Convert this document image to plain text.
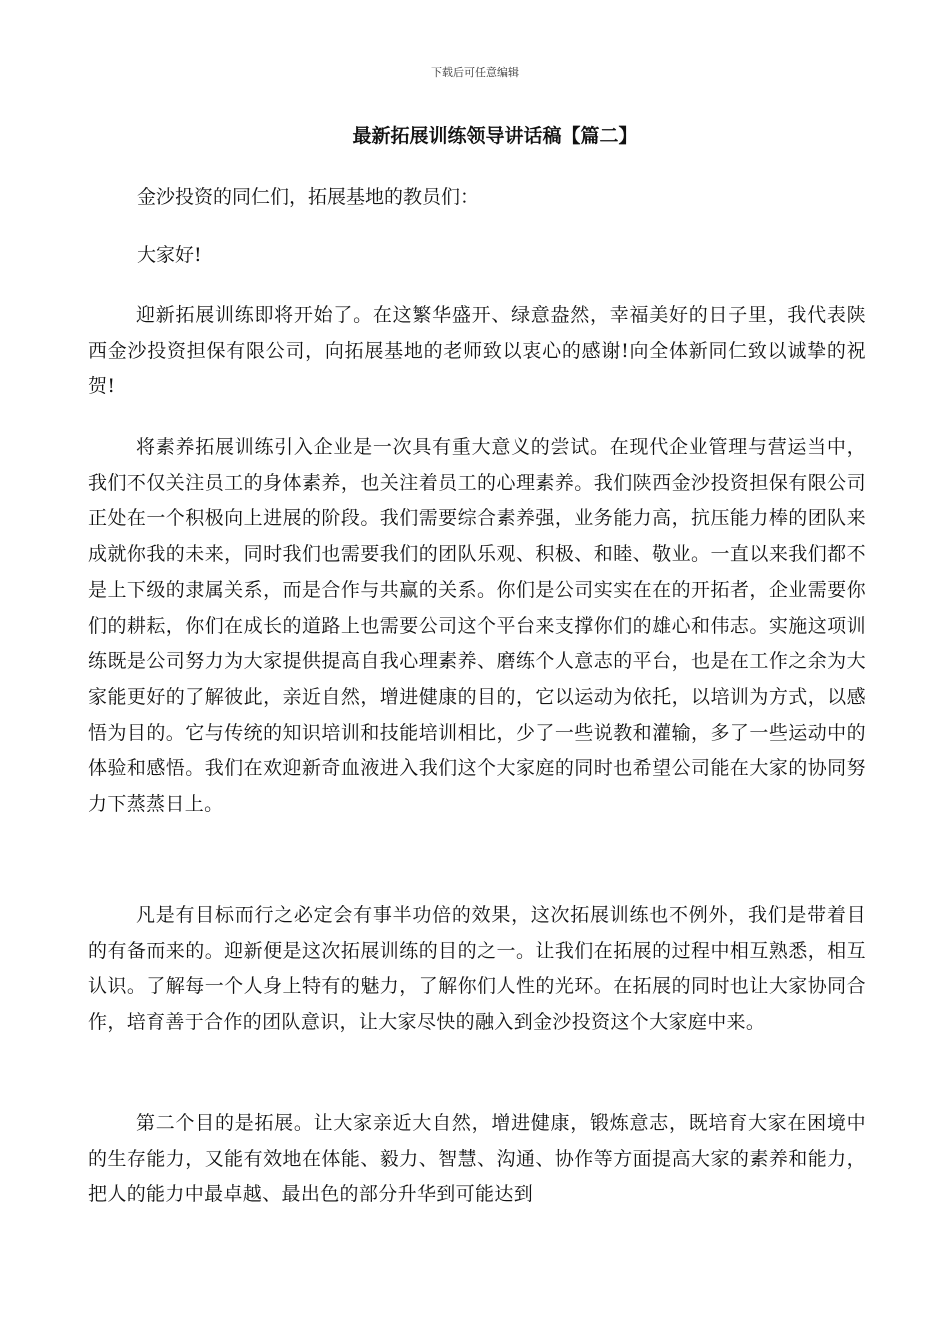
下载后可任意编辑
最新拓展训练领导讲话稿【篇二】
金沙投资的同仁们，拓展基地的教员们：
大家好!

迎新拓展训练即将开始了。在这繁华盛开、绿意盎然，幸福美好的日子里，我代表陕西金沙投资担保有限公司，向拓展基地的老师致以衷心的感谢!向全体新同仁致以诚挚的祝贺!

将素养拓展训练引入企业是一次具有重大意义的尝试。在现代企业管理与营运当中，我们不仅关注员工的身体素养，也关注着员工的心理素养。我们陕西金沙投资担保有限公司正处在一个积极向上进展的阶段。我们需要综合素养强，业务能力高，抗压能力棒的团队来成就你我的未来，同时我们也需要我们的团队乐观、积极、和睦、敬业。一直以来我们都不是上下级的隶属关系，而是合作与共赢的关系。你们是公司实实在在的开拓者，企业需要你们的耕耘，你们在成长的道路上也需要公司这个平台来支撑你们的雄心和伟志。实施这项训练既是公司努力为大家提供提高自我心理素养、磨练个人意志的平台，也是在工作之余为大家能更好的了解彼此，亲近自然，增进健康的目的，它以运动为依托，以培训为方式，以感悟为目的。它与传统的知识培训和技能培训相比，少了一些说教和灌输，多了一些运动中的体验和感悟。我们在欢迎新奇血液进入我们这个大家庭的同时也希望公司能在大家的协同努力下蒸蒸日上。

凡是有目标而行之必定会有事半功倍的效果，这次拓展训练也不例外，我们是带着目的有备而来的。迎新便是这次拓展训练的目的之一。让我们在拓展的过程中相互熟悉，相互认识。了解每一个人身上特有的魅力，了解你们人性的光环。在拓展的同时也让大家协同合作，培育善于合作的团队意识，让大家尽快的融入到金沙投资这个大家庭中来。

第二个目的是拓展。让大家亲近大自然，增进健康，锻炼意志，既培育大家在困境中的生存能力，又能有效地在体能、毅力、智慧、沟通、协作等方面提高大家的素养和能力，把人的能力中最卓越、最出色的部分升华到可能达到
